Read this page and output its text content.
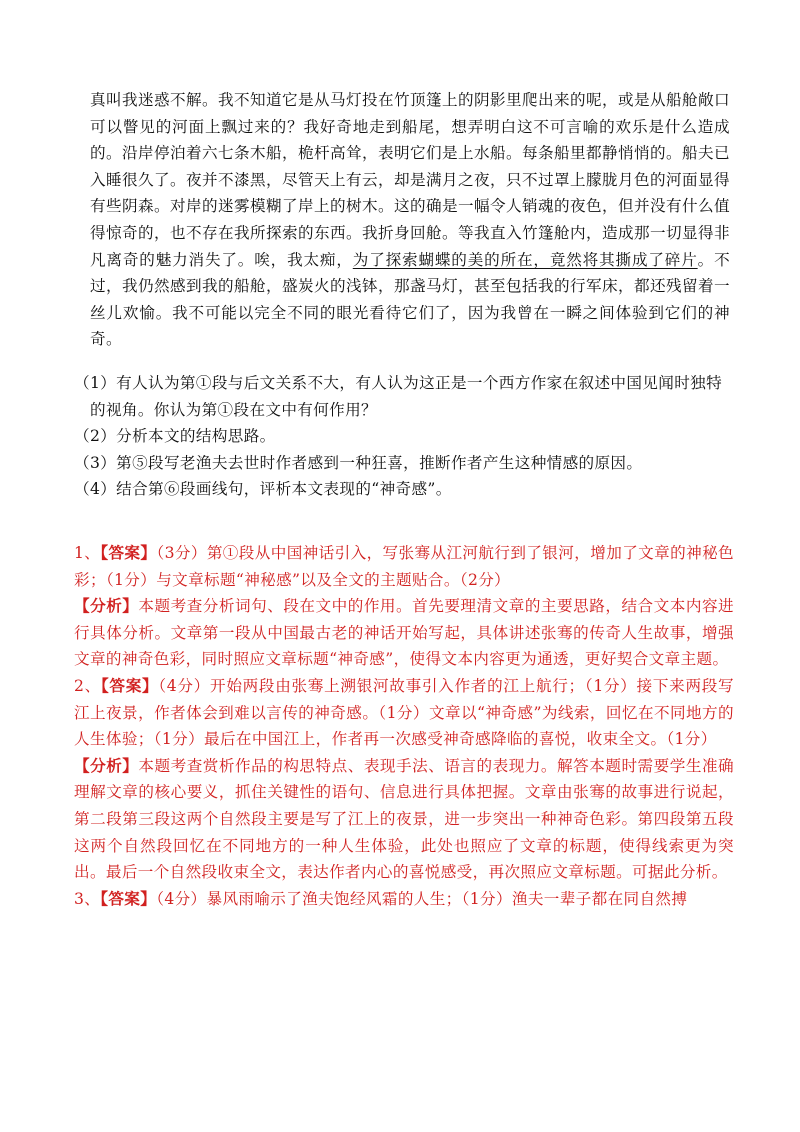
真叫我迷惑不解。我不知道它是从马灯投在竹顶篷上的阴影里爬出来的呢，或是从船舱敞口可以瞥见的河面上飘过来的？我好奇地走到船尾，想弄明白这不可言喻的欢乐是什么造成的。沿岸停泊着六七条木船，桅杆高耸，表明它们是上水船。每条船里都静悄悄的。船夫已入睡很久了。夜并不漆黑，尽管天上有云，却是满月之夜，只不过罩上朦胧月色的河面显得有些阴森。对岸的迷雾模糊了岸上的树木。这的确是一幅令人销魂的夜色，但并没有什么值得惊奇的，也不存在我所探索的东西。我折身回舱。等我直入竹篷舱内，造成那一切显得非凡离奇的魅力消失了。唉，我太痴，为了探索蝴蝶的美的所在，竟然将其撕成了碎片。不过，我仍然感到我的船舱，盛炭火的浅钵，那盏马灯，甚至包括我的行军床，都还残留着一丝儿欢愉。我不可能以完全不同的眼光看待它们了，因为我曾在一瞬之间体验到它们的神奇。

（1）有人认为第①段与后文关系不大，有人认为这正是一个西方作家在叙述中国见闻时独特的视角。你认为第①段在文中有何作用？

（2）分析本文的结构思路。

（3）第⑤段写老渔夫去世时作者感到一种狂喜，推断作者产生这种情感的原因。

（4）结合第⑥段画线句，评析本文表现的“神奇感”。

1、【答案】（3分）第①段从中国神话引入，写张骞从江河航行到了银河，增加了文章的神秘色彩；（1分）与文章标题“神秘感”以及全文的主题贴合。（2分）

【分析】本题考查分析词句、段在文中的作用。首先要理清文章的主要思路，结合文本内容进行具体分析。文章第一段从中国最古老的神话开始写起，具体讲述张骞的传奇人生故事，增强文章的神奇色彩，同时照应文章标题“神奇感”，使得文本内容更为通透，更好契合文章主题。

2、【答案】（4分）开始两段由张骞上溯银河故事引入作者的江上航行；（1分）接下来两段写江上夜景，作者体会到难以言传的神奇感。（1分）文章以“神奇感”为线索，回忆在不同地方的人生体验；（1分）最后在中国江上，作者再一次感受神奇感降临的喜悦，收束全文。（1分）

【分析】本题考查赏析作品的构思特点、表现手法、语言的表现力。解答本题时需要学生准确理解文章的核心要义，抓住关键性的语句、信息进行具体把握。文章由张骞的故事进行说起，第二段第三段这两个自然段主要是写了江上的夜景，进一步突出一种神奇色彩。第四段第五段这两个自然段回忆在不同地方的一种人生体验，此处也照应了文章的标题，使得线索更为突出。最后一个自然段收束全文，表达作者内心的喜悦感受，再次照应文章标题。可据此分析。

3、【答案】（4分）暴风雨喻示了渔夫饱经风霜的人生；（1分）渔夫一辈子都在同自然搏
